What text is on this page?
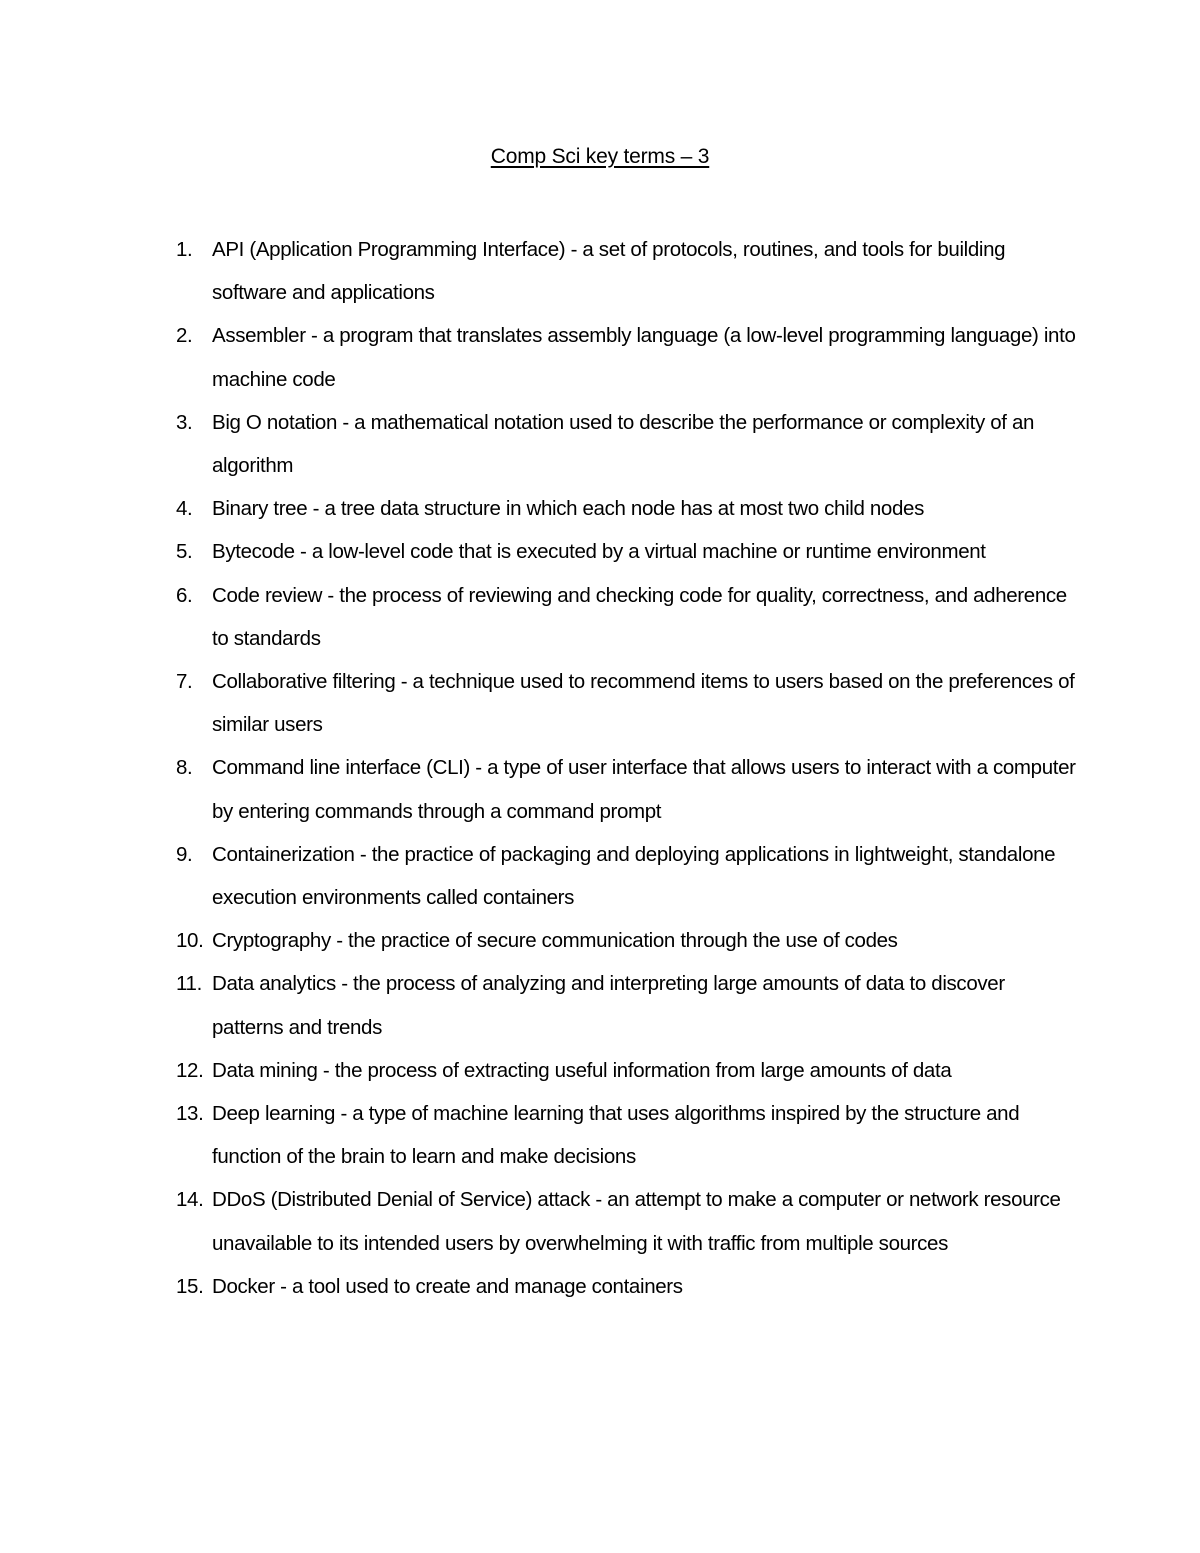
Comp Sci key terms – 3
1. API (Application Programming Interface) - a set of protocols, routines, and tools for building software and applications
2. Assembler - a program that translates assembly language (a low-level programming language) into machine code
3. Big O notation - a mathematical notation used to describe the performance or complexity of an algorithm
4. Binary tree - a tree data structure in which each node has at most two child nodes
5. Bytecode - a low-level code that is executed by a virtual machine or runtime environment
6. Code review - the process of reviewing and checking code for quality, correctness, and adherence to standards
7. Collaborative filtering - a technique used to recommend items to users based on the preferences of similar users
8. Command line interface (CLI) - a type of user interface that allows users to interact with a computer by entering commands through a command prompt
9. Containerization - the practice of packaging and deploying applications in lightweight, standalone execution environments called containers
10. Cryptography - the practice of secure communication through the use of codes
11. Data analytics - the process of analyzing and interpreting large amounts of data to discover patterns and trends
12. Data mining - the process of extracting useful information from large amounts of data
13. Deep learning - a type of machine learning that uses algorithms inspired by the structure and function of the brain to learn and make decisions
14. DDoS (Distributed Denial of Service) attack - an attempt to make a computer or network resource unavailable to its intended users by overwhelming it with traffic from multiple sources
15. Docker - a tool used to create and manage containers
